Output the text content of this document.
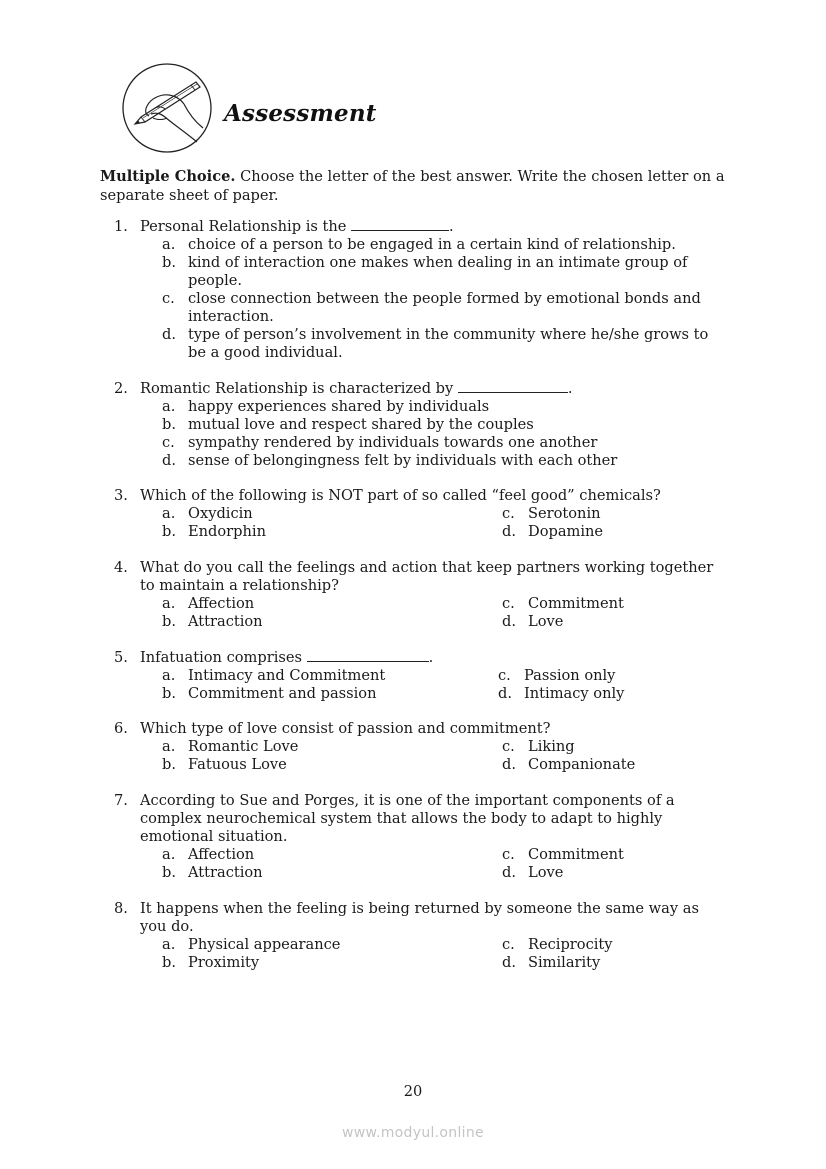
Assessment
Multiple Choice. Choose the letter of the best answer. Write the chosen letter on a separate sheet of paper.
1. Personal Relationship is the	.
a. choice of a person to be engaged in a certain kind of relationship.
b. kind of interaction one makes when dealing in an intimate group of people.
c. close connection between the people formed by emotional bonds and interaction.
d. type of person’s involvement in the community where he/she grows to be a good individual.
2. Romantic Relationship is characterized by	.
a. happy experiences shared by individuals
b. mutual love and respect shared by the couples
c. sympathy rendered by individuals towards one another
d. sense of belongingness felt by individuals with each other
3. Which of the following is NOT part of so called “feel good” chemicals?
a. Oxydicin
b. Endorphin
c. Serotonin
d. Dopamine
4. What do you call the feelings and action that keep partners working together to maintain a relationship?
a. Affection
b. Attraction
c. Commitment
d. Love
5. Infatuation comprises	.
a. Intimacy and Commitment
b. Commitment and passion
c. Passion only
d. Intimacy only
6. Which type of love consist of passion and commitment?
a. Romantic Love
b. Fatuous Love
c. Liking
d. Companionate
7. According to Sue and Porges, it is one of the important components of a complex neurochemical system that allows the body to adapt to highly emotional situation.
a. Affection
b. Attraction
c. Commitment
d. Love
8. It happens when the feeling is being returned by someone the same way as you do.
a. Physical appearance
b. Proximity
c. Reciprocity
d. Similarity
20
www.modyul.online
